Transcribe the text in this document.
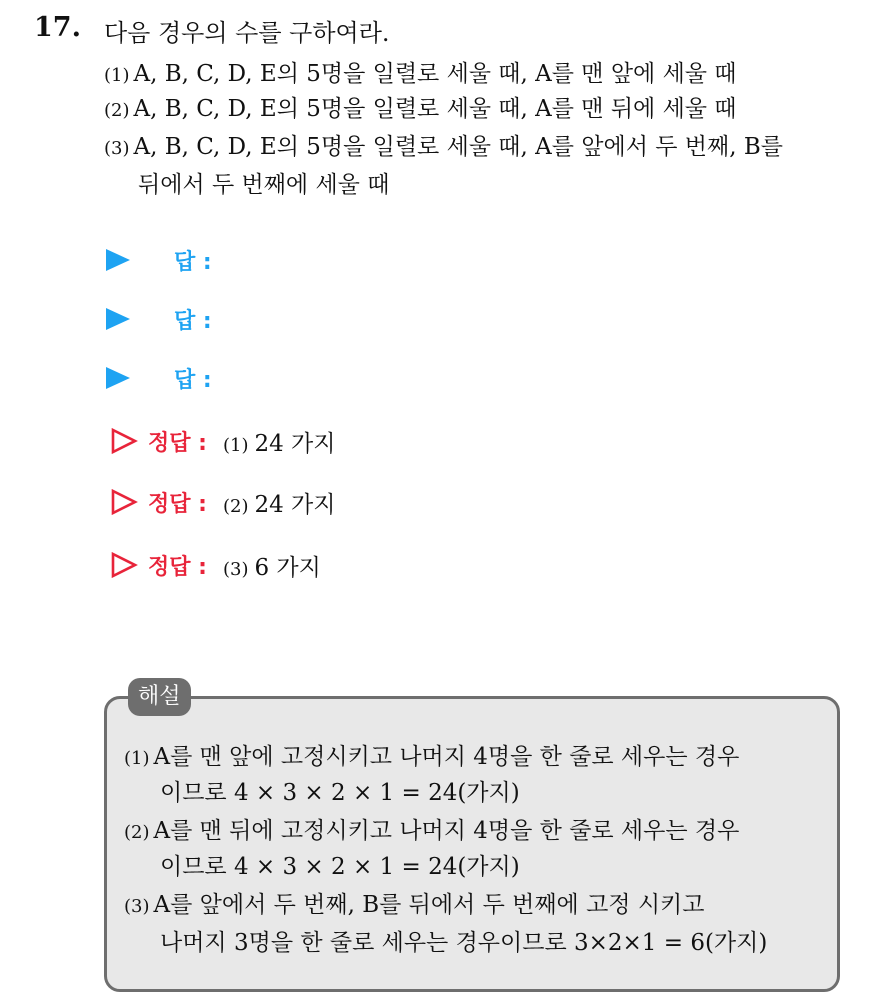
17. 다음 경우의 수를 구하여라.
(1) A, B, C, D, E의 5명을 일렬로 세울 때, A를 맨 앞에 세울 때
(2) A, B, C, D, E의 5명을 일렬로 세울 때, A를 맨 뒤에 세울 때
(3) A, B, C, D, E의 5명을 일렬로 세울 때, A를 앞에서 두 번째, B를
뒤에서 두 번째에 세울 때
답 :
답 :
답 :
정답 : (1) 24 가지
정답 : (2) 24 가지
정답 : (3) 6 가지
해설
(1) A를 맨 앞에 고정시키고 나머지 4명을 한 줄로 세우는 경우
이므로 4 × 3 × 2 × 1 = 24(가지)
(2) A를 맨 뒤에 고정시키고 나머지 4명을 한 줄로 세우는 경우
이므로 4 × 3 × 2 × 1 = 24(가지)
(3) A를 앞에서 두 번째, B를 뒤에서 두 번째에 고정 시키고
나머지 3명을 한 줄로 세우는 경우이므로 3×2×1 = 6(가지)
